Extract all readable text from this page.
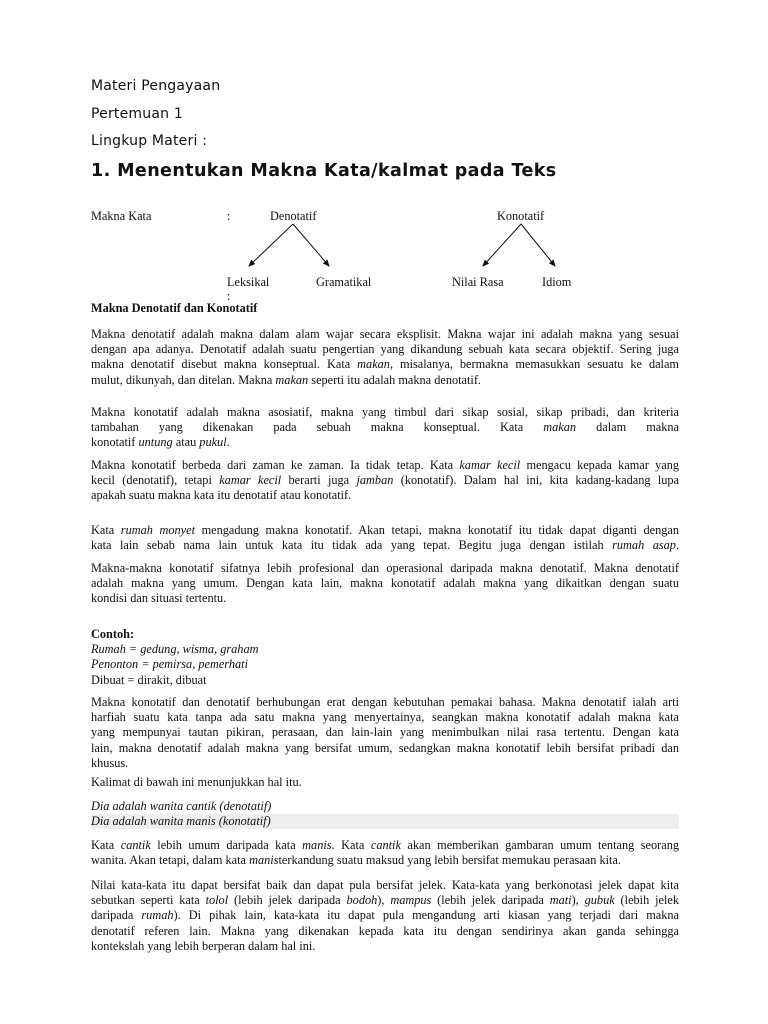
Materi Pengayaan
Pertemuan 1
Lingkup Materi :
1. Menentukan Makna Kata/kalmat pada Teks
Makna Kata	:	Denotatif	Konotatif
Leksikal
:
Gramatikal	Nilai Rasa	Idiom
Makna Denotatif dan Konotatif
Makna denotatif adalah makna dalam alam wajar secara eksplisit. Makna wajar ini adalah makna yang sesuai
dengan apa adanya. Denotatif adalah suatu pengertian yang dikandung sebuah kata secara objektif. Sering juga
makna denotatif disebut makna konseptual. Kata makan, misalanya, bermakna memasukkan sesuatu ke dalam
mulut, dikunyah, dan ditelan. Makna makan seperti itu adalah makna denotatif.
Makna konotatif adalah makna asosiatif, makna yang timbul dari sikap sosial, sikap pribadi, dan kriteria
tambahan yang dikenakan pada sebuah makna konseptual. Kata makan dalam makna
konotatif untung atau pukul.
Makna konotatif berbeda dari zaman ke zaman. Ia tidak tetap. Kata kamar kecil mengacu kepada kamar yang
kecil (denotatif), tetapi kamar kecil berarti juga jamban (konotatif). Dalam hal ini, kita kadang-kadang lupa
apakah suatu makna kata itu denotatif atau konotatif.
Kata rumah monyet mengadung makna konotatif. Akan tetapi, makna konotatif itu tidak dapat diganti dengan
kata lain sebab nama lain untuk kata itu tidak ada yang tepat. Begitu juga dengan istilah rumah asap.
Makna-makna konotatif sifatnya lebih profesional dan operasional daripada makna denotatif. Makna denotatif
adalah makna yang umum. Dengan kata lain, makna konotatif adalah makna yang dikaitkan dengan suatu
kondisi dan situasi tertentu.
Contoh:
Rumah = gedung, wisma, graham
Penonton = pemirsa, pemerhati
Dibuat = dirakit, dibuat
Makna konotatif dan denotatif berhubungan erat dengan kebutuhan pemakai bahasa. Makna denotatif ialah arti
harfiah suatu kata tanpa ada satu makna yang menyertainya, seangkan makna konotatif adalah makna kata
yang mempunyai tautan pikiran, perasaan, dan lain-lain yang menimbulkan nilai rasa tertentu. Dengan kata
lain, makna denotatif adalah makna yang bersifat umum, sedangkan makna konotatif lebih bersifat pribadi dan
khusus.
Kalimat di bawah ini menunjukkan hal itu.
Dia adalah wanita cantik (denotatif)
Dia adalah wanita manis (konotatif)
Kata cantik lebih umum daripada kata manis. Kata cantik akan memberikan gambaran umum tentang seorang
wanita. Akan tetapi, dalam kata manisterkandung suatu maksud yang lebih bersifat memukau perasaan kita.
Nilai kata-kata itu dapat bersifat baik dan dapat pula bersifat jelek. Kata-kata yang berkonotasi jelek dapat kita
sebutkan seperti kata tolol (lebih jelek daripada bodoh), mampus (lebih jelek daripada mati), gubuk (lebih jelek
daripada rumah). Di pihak lain, kata-kata itu dapat pula mengandung arti kiasan yang terjadi dari makna
denotatif referen lain. Makna yang dikenakan kepada kata itu dengan sendirinya akan ganda sehingga
kontekslah yang lebih berperan dalam hal ini.
